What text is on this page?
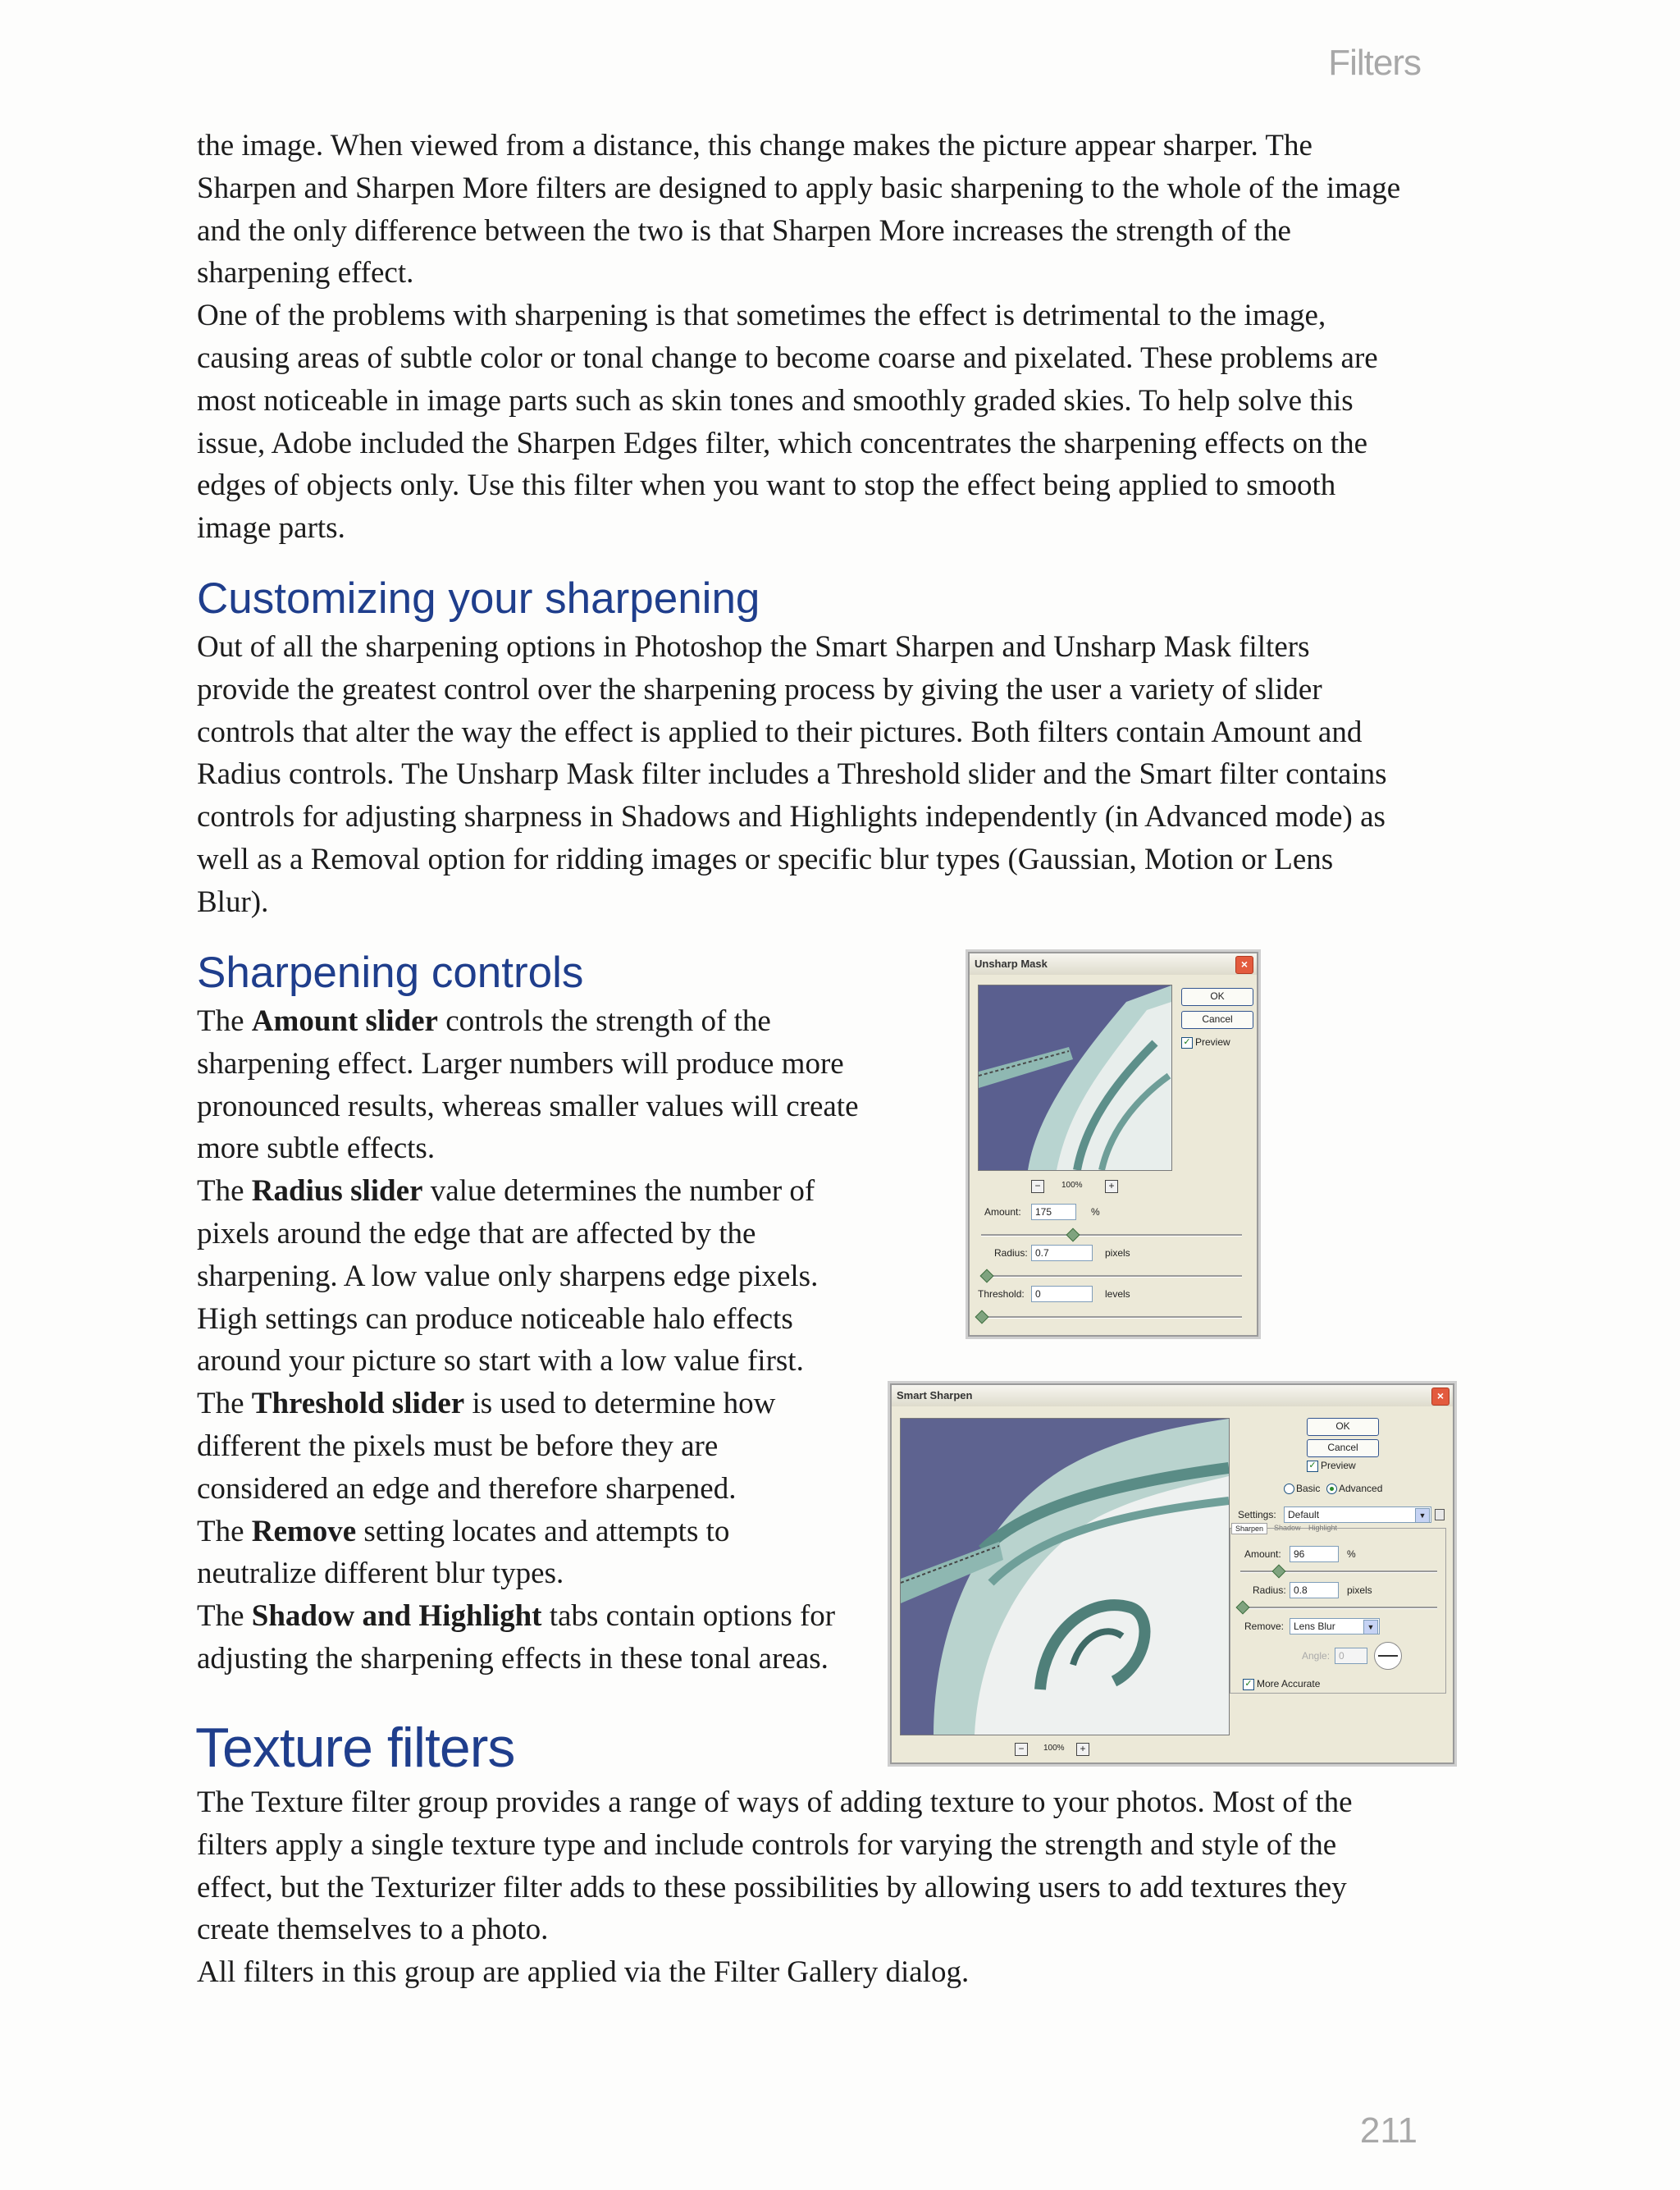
Filters
211

the image. When viewed from a distance, this change makes the picture appear sharper. The Sharpen and Sharpen More filters are designed to apply basic sharpening to the whole of the image and the only difference between the two is that Sharpen More increases the strength of the sharpening effect.

One of the problems with sharpening is that sometimes the effect is detrimental to the image, causing areas of subtle color or tonal change to become coarse and pixelated. These problems are most noticeable in image parts such as skin tones and smoothly graded skies. To help solve this issue, Adobe included the Sharpen Edges filter, which concentrates the sharpening effects on the edges of objects only. Use this filter when you want to stop the effect being applied to smooth image parts.

Customizing your sharpening

Out of all the sharpening options in Photoshop the Smart Sharpen and Unsharp Mask filters provide the greatest control over the sharpening process by giving the user a variety of slider controls that alter the way the effect is applied to their pictures. Both filters contain Amount and Radius controls. The Unsharp Mask filter includes a Threshold slider and the Smart filter contains controls for adjusting sharpness in Shadows and Highlights independently (in Advanced mode) as well as a Removal option for ridding images or specific blur types (Gaussian, Motion or Lens Blur).

Sharpening controls

The Amount slider controls the strength of the sharpening effect. Larger numbers will produce more pronounced results, whereas smaller values will create more subtle effects.

The Radius slider value determines the number of pixels around the edge that are affected by the sharpening. A low value only sharpens edge pixels. High settings can produce noticeable halo effects around your picture so start with a low value first.

The Threshold slider is used to determine how different the pixels must be before they are considered an edge and therefore sharpened.

The Remove setting locates and attempts to neutralize different blur types.

The Shadow and Highlight tabs contain options for adjusting the sharpening effects in these tonal areas.

Texture filters

The Texture filter group provides a range of ways of adding texture to your photos. Most of the filters apply a single texture type and include controls for varying the strength and style of the effect, but the Texturizer filter adds to these possibilities by allowing users to add textures they create themselves to a photo.

All filters in this group are applied via the Filter Gallery dialog.

Unsharp Mask	×
OK
Cancel
✓ Preview
−	100%	+
Amount:	175	%
Radius: 0.7	pixels
Threshold:	0	levels
Smart Sharpen	×
OK
Cancel
✓ Preview
Basic	Advanced
Settings:	Default	▼
Sharpen	Shadow Highlight
Amount:	96	%
Radius: 0.8	pixels
Remove: Lens Blur	▼
Angle: 0
✓ More Accurate
−	100%	+
